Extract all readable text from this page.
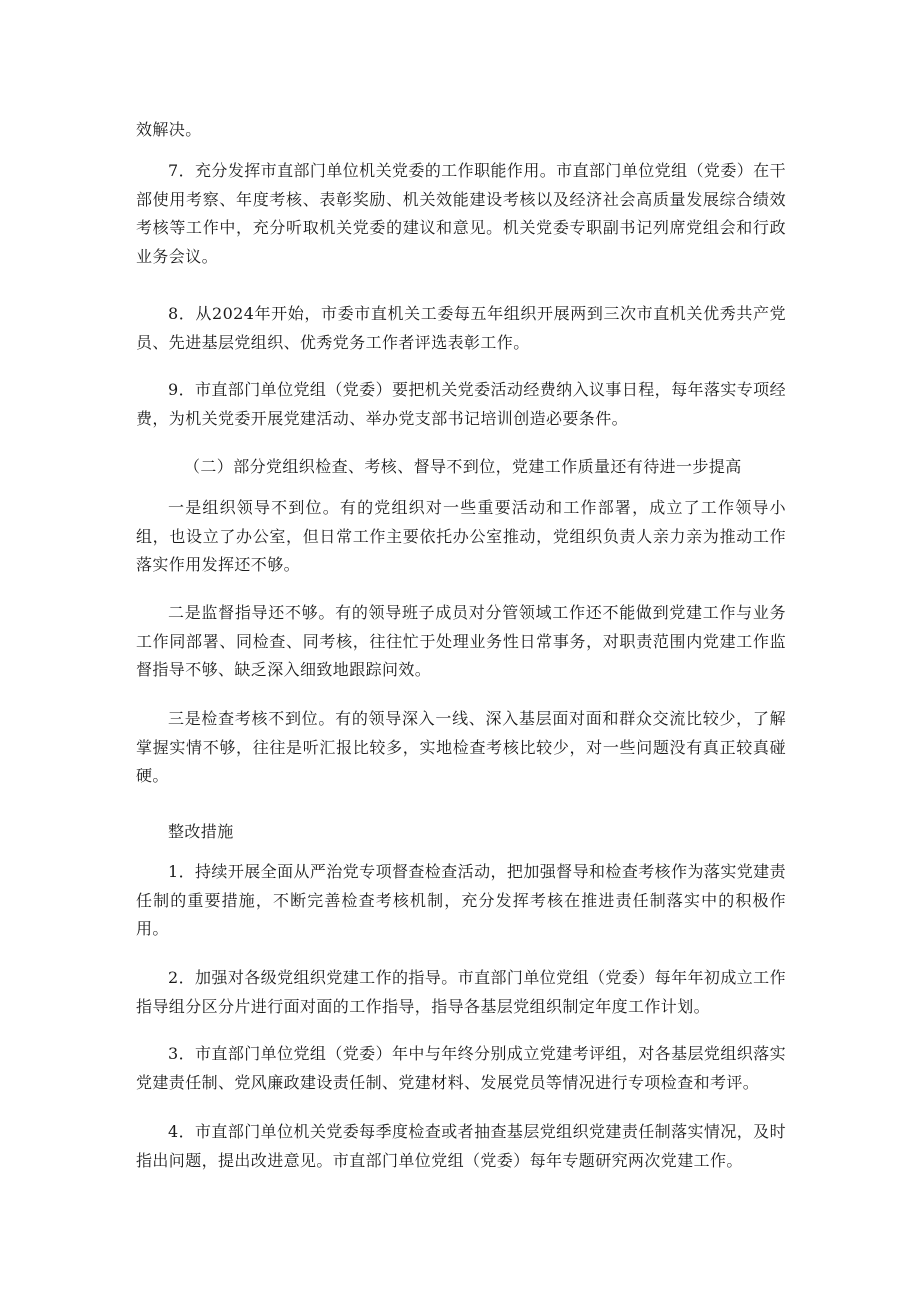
效解决。

7．充分发挥市直部门单位机关党委的工作职能作用。市直部门单位党组（党委）在干部使用考察、年度考核、表彰奖励、机关效能建设考核以及经济社会高质量发展综合绩效考核等工作中，充分听取机关党委的建议和意见。机关党委专职副书记列席党组会和行政业务会议。

8．从2024年开始，市委市直机关工委每五年组织开展两到三次市直机关优秀共产党员、先进基层党组织、优秀党务工作者评选表彰工作。

9．市直部门单位党组（党委）要把机关党委活动经费纳入议事日程，每年落实专项经费，为机关党委开展党建活动、举办党支部书记培训创造必要条件。

（二）部分党组织检查、考核、督导不到位，党建工作质量还有待进一步提高

一是组织领导不到位。有的党组织对一些重要活动和工作部署，成立了工作领导小组，也设立了办公室，但日常工作主要依托办公室推动，党组织负责人亲力亲为推动工作落实作用发挥还不够。

二是监督指导还不够。有的领导班子成员对分管领域工作还不能做到党建工作与业务工作同部署、同检查、同考核，往往忙于处理业务性日常事务，对职责范围内党建工作监督指导不够、缺乏深入细致地跟踪问效。

三是检查考核不到位。有的领导深入一线、深入基层面对面和群众交流比较少，了解掌握实情不够，往往是听汇报比较多，实地检查考核比较少，对一些问题没有真正较真碰硬。

整改措施

1．持续开展全面从严治党专项督查检查活动，把加强督导和检查考核作为落实党建责任制的重要措施，不断完善检查考核机制，充分发挥考核在推进责任制落实中的积极作用。

2．加强对各级党组织党建工作的指导。市直部门单位党组（党委）每年年初成立工作指导组分区分片进行面对面的工作指导，指导各基层党组织制定年度工作计划。

3．市直部门单位党组（党委）年中与年终分别成立党建考评组，对各基层党组织落实党建责任制、党风廉政建设责任制、党建材料、发展党员等情况进行专项检查和考评。

4．市直部门单位机关党委每季度检查或者抽查基层党组织党建责任制落实情况，及时指出问题，提出改进意见。市直部门单位党组（党委）每年专题研究两次党建工作。
